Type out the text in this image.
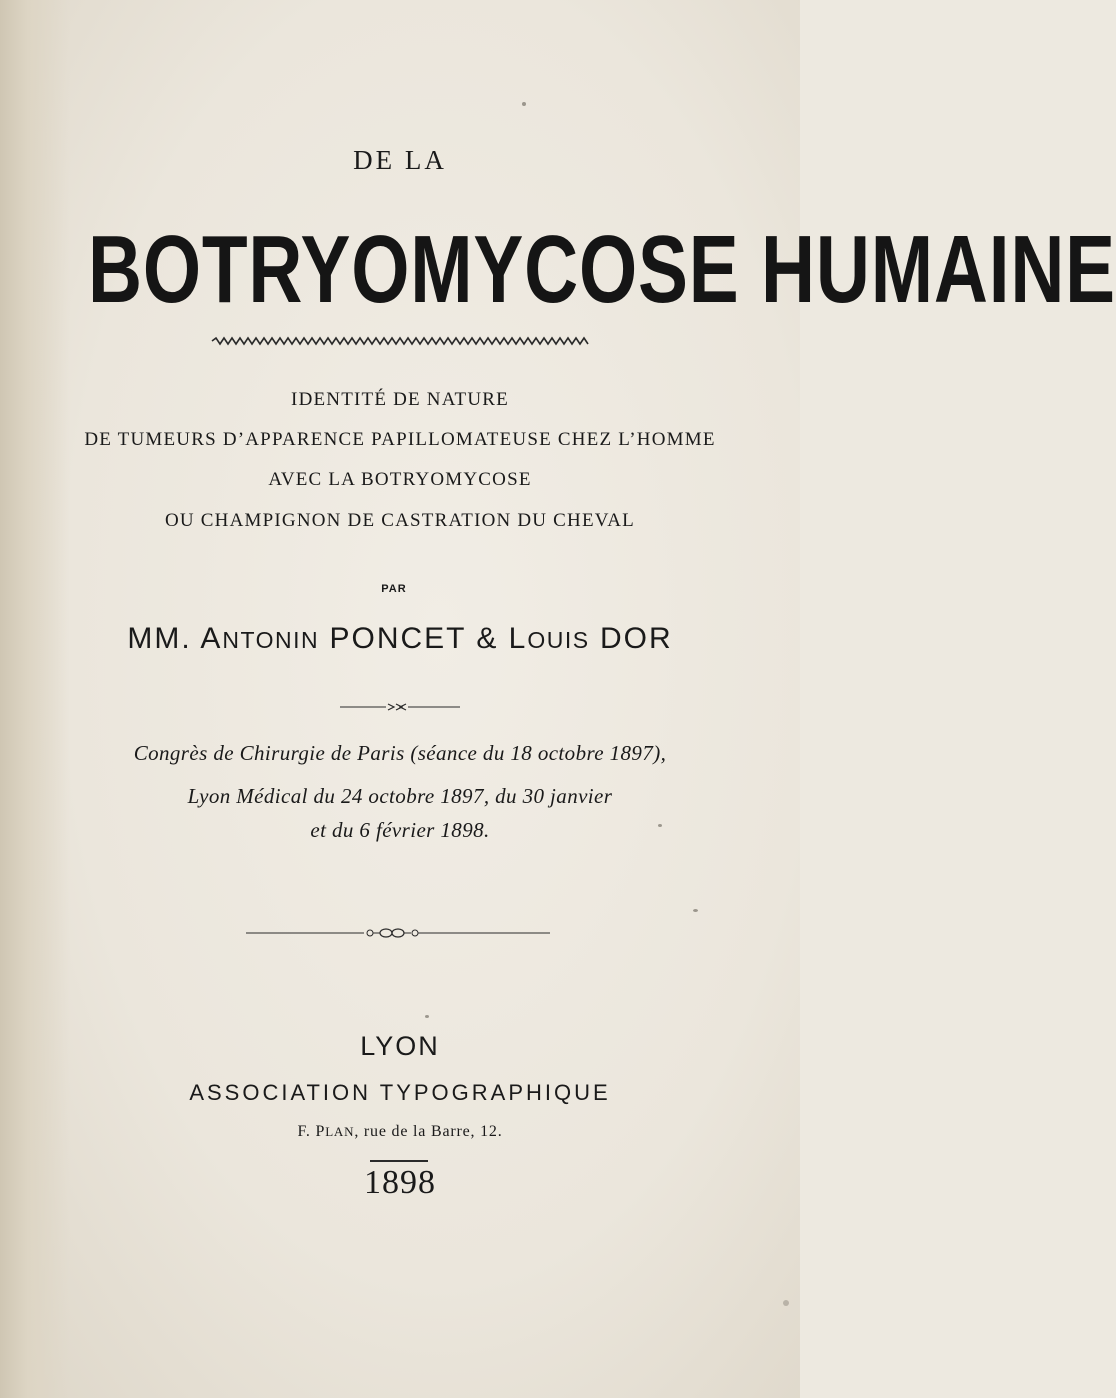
DE LA
BOTRYOMYCOSE HUMAINE
IDENTITÉ DE NATURE
DE TUMEURS D’APPARENCE PAPILLOMATEUSE CHEZ L’HOMME
AVEC LA BOTRYOMYCOSE
OU CHAMPIGNON DE CASTRATION DU CHEVAL
PAR
MM. ANTONIN PONCET & LOUIS DOR
Congrès de Chirurgie de Paris (séance du 18 octobre 1897),
Lyon Médical du 24 octobre 1897, du 30 janvier
et du 6 février 1898.
LYON
ASSOCIATION TYPOGRAPHIQUE
F. PLAN, rue de la Barre, 12.
1898
